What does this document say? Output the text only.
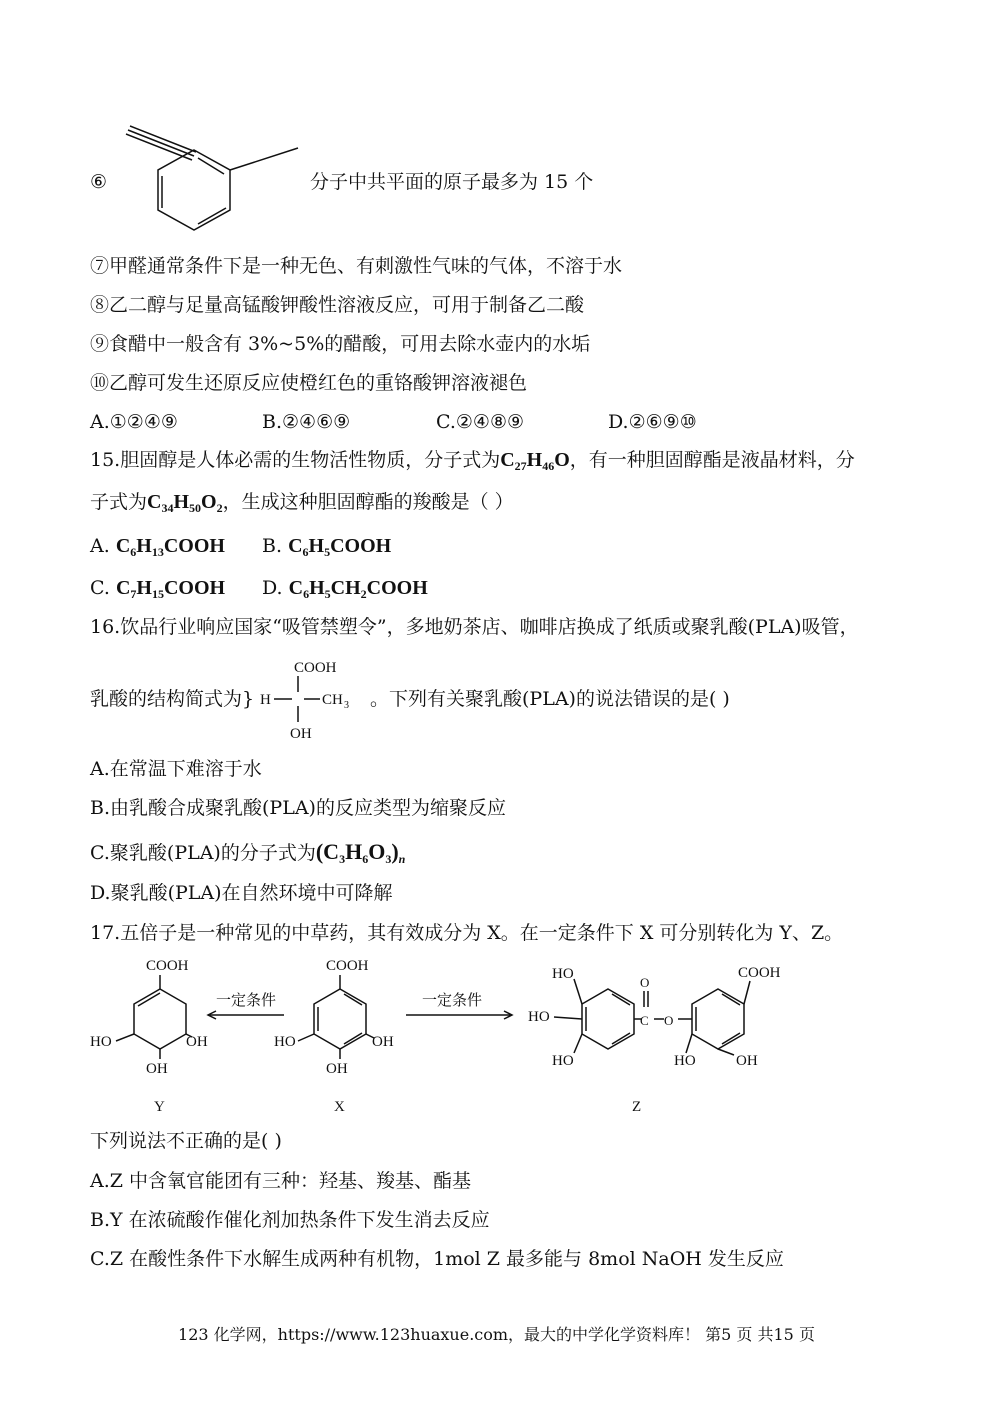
⑥	分子中共平面的原子最多为 15 个
⑦甲醛通常条件下是一种无色、有刺激性气味的气体，不溶于水
⑧乙二醇与足量高锰酸钾酸性溶液反应，可用于制备乙二酸
⑨食醋中一般含有 3%~5%的醋酸，可用去除水壶内的水垢
⑩乙醇可发生还原反应使橙红色的重铬酸钾溶液褪色
A.①②④⑨	B.②④⑥⑨	C.②④⑧⑨	D.②⑥⑨⑩
15.胆固醇是人体必需的生物活性物质，分子式为$C_{27}H_{46}O$，有一种胆固醇酯是液晶材料，分
子式为$C_{34}H_{50}O_2$，生成这种胆固醇酯的羧酸是（ ）
A. $C_6H_{13}COOH$ B. $C_6H_5COOH$
C. $C_7H_{15}COOH$ D. $C_6H_5CH_2COOH$
16.饮品行业响应国家“吸管禁塑令”，多地奶茶店、咖啡店换成了纸质或聚乳酸(PLA)吸管，
乳酸的结构简式为}
COOH
H	CH 3
OH
。下列有关聚乳酸(PLA)的说法错误的是( )
A.在常温下难溶于水
B.由乳酸合成聚乳酸(PLA)的反应类型为缩聚反应
C.聚乳酸(PLA)的分子式为$(C_3H_6O_3)_n$
D.聚乳酸(PLA)在自然环境中可降解
17.五倍子是一种常见的中草药，其有效成分为 X。在一定条件下 X 可分别转化为 Y、Z。
COOH
HO	OH
OH
Y
一定条件
COOH
HO	OH
OH
X
一定条件
HO
HO
HO
C
O
O
COOH
HO	OH
Z
下列说法不正确的是( )
A.Z 中含氧官能团有三种：羟基、羧基、酯基
B.Y 在浓硫酸作催化剂加热条件下发生消去反应
C.Z 在酸性条件下水解生成两种有机物，1mol Z 最多能与 8mol NaOH 发生反应
123 化学网，https://www.123huaxue.com，最大的中学化学资料库！ 第5 页 共15 页
